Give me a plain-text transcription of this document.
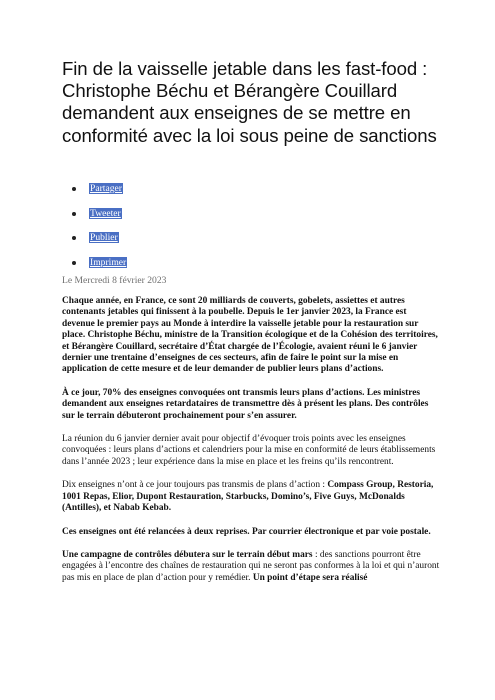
Fin de la vaisselle jetable dans les fast-food : Christophe Béchu et Bérangère Couillard demandent aux enseignes de se mettre en conformité avec la loi sous peine de sanctions
Partager
Tweeter
Publier
Imprimer
Le Mercredi 8 février 2023

Chaque année, en France, ce sont 20 milliards de couverts, gobelets, assiettes et autres contenants jetables qui finissent à la poubelle. Depuis le 1er janvier 2023, la France est devenue le premier pays au Monde à interdire la vaisselle jetable pour la restauration sur place. Christophe Béchu, ministre de la Transition écologique et de la Cohésion des territoires, et Bérangère Couillard, secrétaire d’État chargée de l’Écologie, avaient réuni le 6 janvier dernier une trentaine d’enseignes de ces secteurs, afin de faire le point sur la mise en application de cette mesure et de leur demander de publier leurs plans d’actions.

À ce jour, 70% des enseignes convoquées ont transmis leurs plans d’actions. Les ministres demandent aux enseignes retardataires de transmettre dès à présent les plans. Des contrôles sur le terrain débuteront prochainement pour s’en assurer.

La réunion du 6 janvier dernier avait pour objectif d’évoquer trois points avec les enseignes convoquées : leurs plans d’actions et calendriers pour la mise en conformité de leurs établissements dans l’année 2023 ; leur expérience dans la mise en place et les freins qu’ils rencontrent.

Dix enseignes n’ont à ce jour toujours pas transmis de plans d’action : Compass Group, Restoria, 1001 Repas, Elior, Dupont Restauration, Starbucks, Domino’s, Five Guys, McDonalds (Antilles), et Nabab Kebab.

Ces enseignes ont été relancées à deux reprises. Par courrier électronique et par voie postale.

Une campagne de contrôles débutera sur le terrain début mars : des sanctions pourront être engagées à l’encontre des chaînes de restauration qui ne seront pas conformes à la loi et qui n’auront pas mis en place de plan d’action pour y remédier. Un point d’étape sera réalisé
